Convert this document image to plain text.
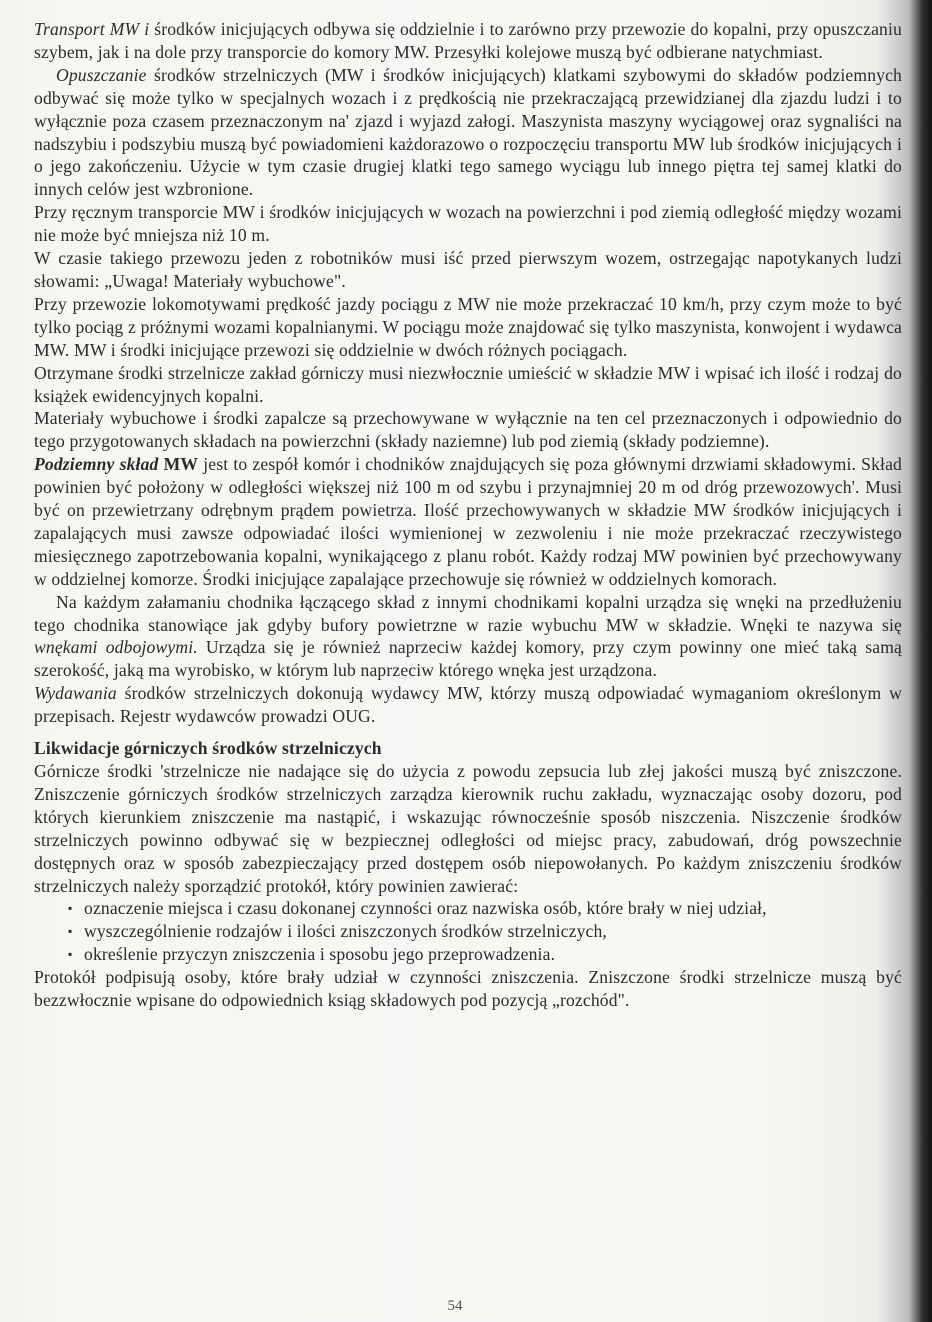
Transport MW i środków inicjujących odbywa się oddzielnie i to zarówno przy przewozie do kopalni, przy opuszczaniu szybem, jak i na dole przy transporcie do komory MW. Przesyłki kolejowe muszą być odbierane natychmiast.

Opuszczanie środków strzelniczych (MW i środków inicjujących) klatkami szybowymi do składów podziemnych odbywać się może tylko w specjalnych wozach i z prędkością nie przekraczającą przewidzianej dla zjazdu ludzi i to wyłącznie poza czasem przeznaczonym na' zjazd i wyjazd załogi. Maszynista maszyny wyciągowej oraz sygnaliści na nadszybiu i podszybiu muszą być powiadomieni każdorazowo o rozpoczęciu transportu MW lub środków inicjujących i o jego zakończeniu. Użycie w tym czasie drugiej klatki tego samego wyciągu lub innego piętra tej samej klatki do innych celów jest wzbronione.

Przy ręcznym transporcie MW i środków inicjujących w wozach na powierzchni i pod ziemią odległość między wozami nie może być mniejsza niż 10 m.

W czasie takiego przewozu jeden z robotników musi iść przed pierwszym wozem, ostrzegając napotykanych ludzi słowami: „Uwaga! Materiały wybuchowe".

Przy przewozie lokomotywami prędkość jazdy pociągu z MW nie może przekraczać 10 km/h, przy czym może to być tylko pociąg z próżnymi wozami kopalnianymi. W pociągu może znajdować się tylko maszynista, konwojent i wydawca MW. MW i środki inicjujące przewozi się oddzielnie w dwóch różnych pociągach.

Otrzymane środki strzelnicze zakład górniczy musi niezwłocznie umieścić w składzie MW i wpisać ich ilość i rodzaj do książek ewidencyjnych kopalni.

Materiały wybuchowe i środki zapalcze są przechowywane w wyłącznie na ten cel przeznaczonych i odpowiednio do tego przygotowanych składach na powierzchni (składy naziemne) lub pod ziemią (składy podziemne).

Podziemny skład MW jest to zespół komór i chodników znajdujących się poza głównymi drzwiami składowymi. Skład powinien być położony w odległości większej niż 100 m od szybu i przynajmniej 20 m od dróg przewozowych'. Musi być on przewietrzany odrębnym prądem powietrza. Ilość przechowywanych w składzie MW środków inicjujących i zapalających musi zawsze odpowiadać ilości wymienionej w zezwoleniu i nie może przekraczać rzeczywistego miesięcznego zapotrzebowania kopalni, wynikającego z planu robót. Każdy rodzaj MW powinien być przechowywany w oddzielnej komorze. Środki inicjujące zapalające przechowuje się również w oddzielnych komorach.

Na każdym załamaniu chodnika łączącego skład z innymi chodnikami kopalni urządza się wnęki na przedłużeniu tego chodnika stanowiące jak gdyby bufory powietrzne w razie wybuchu MW w składzie. Wnęki te nazywa się wnękami odbojowymi. Urządza się je również naprzeciw każdej komory, przy czym powinny one mieć taką samą szerokość, jaką ma wyrobisko, w którym lub naprzeciw którego wnęka jest urządzona.

Wydawania środków strzelniczych dokonują wydawcy MW, którzy muszą odpowiadać wymaganiom określonym w przepisach. Rejestr wydawców prowadzi OUG.

Likwidacje górniczych środków strzelniczych

Górnicze środki 'strzelnicze nie nadające się do użycia z powodu zepsucia lub złej jakości muszą być zniszczone. Zniszczenie górniczych środków strzelniczych zarządza kierownik ruchu zakładu, wyznaczając osoby dozoru, pod których kierunkiem zniszczenie ma nastąpić, i wskazując równocześnie sposób niszczenia. Niszczenie środków strzelniczych powinno odbywać się w bezpiecznej odległości od miejsc pracy, zabudowań, dróg powszechnie dostępnych oraz w sposób zabezpieczający przed dostępem osób niepowołanych. Po każdym zniszczeniu środków strzelniczych należy sporządzić protokół, który powinien zawierać:

▪ oznaczenie miejsca i czasu dokonanej czynności oraz nazwiska osób, które brały w niej udział,
▪ wyszczególnienie rodzajów i ilości zniszczonych środków strzelniczych,
▪ określenie przyczyn zniszczenia i sposobu jego przeprowadzenia.

Protokół podpisują osoby, które brały udział w czynności zniszczenia. Zniszczone środki strzelnicze muszą być bezzwłocznie wpisane do odpowiednich ksiąg składowych pod pozycją „rozchód".

54
